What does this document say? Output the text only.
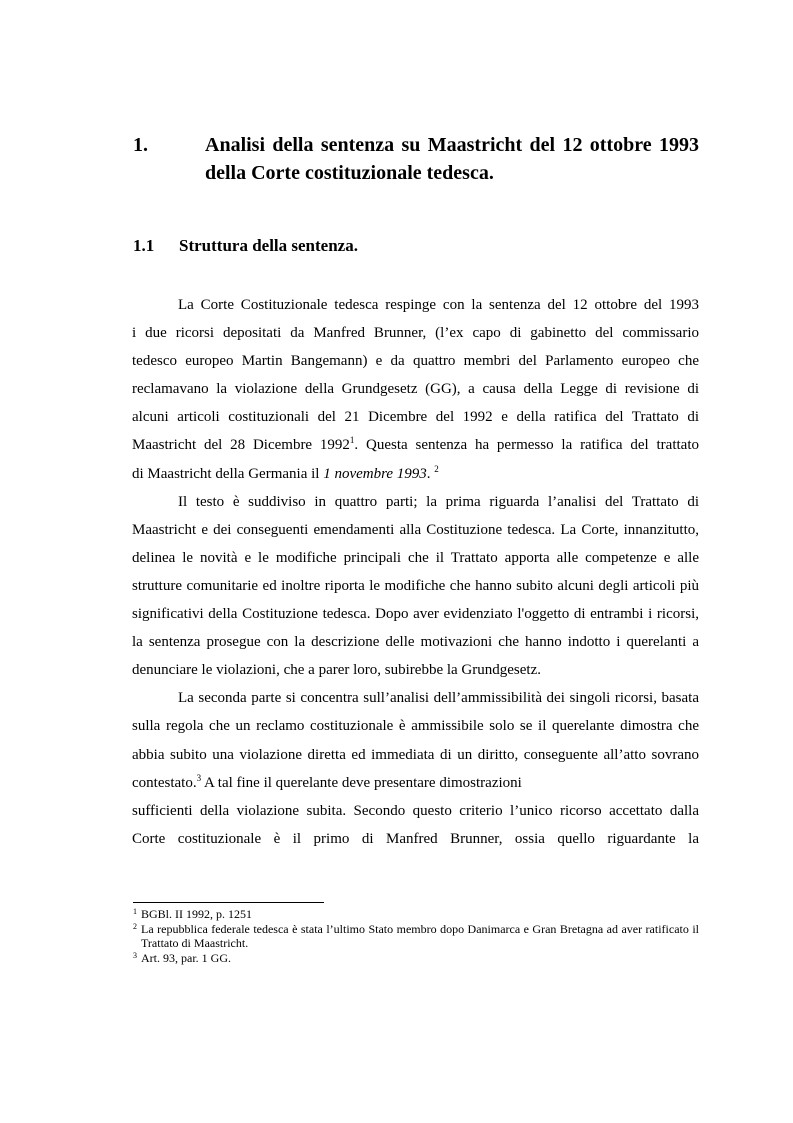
1.	Analisi della sentenza su Maastricht del 12 ottobre 1993 della Corte costituzionale tedesca.
1.1 Struttura della sentenza.

La Corte Costituzionale tedesca respinge con la sentenza del 12 ottobre del 1993
i due ricorsi depositati da Manfred Brunner, (l’ex capo di gabinetto del commissario
tedesco europeo Martin Bangemann) e da quattro membri del Parlamento europeo che
reclamavano la violazione della Grundgesetz (GG), a causa della Legge di revisione di
alcuni articoli costituzionali del 21 Dicembre del 1992 e della ratifica del Trattato di
Maastricht del 28 Dicembre 1992$^1$. Questa sentenza ha permesso la ratifica del trattato
di Maastricht della Germania il 1 novembre 1993. $^2$

Il testo è suddiviso in quattro parti; la prima riguarda l’analisi del Trattato di Maastricht e dei conseguenti emendamenti alla Costituzione tedesca. La Corte, innanzitutto, delinea le novità e le modifiche principali che il Trattato apporta alle competenze e alle strutture comunitarie ed inoltre riporta le modifiche che hanno subito alcuni degli articoli più significativi della Costituzione tedesca. Dopo aver evidenziato l'oggetto di entrambi i ricorsi, la sentenza prosegue con la descrizione delle motivazioni che hanno indotto i querelanti a denunciare le violazioni, che a parer loro, subirebbe la Grundgesetz.

La seconda parte si concentra sull’analisi dell’ammissibilità dei singoli ricorsi, basata sulla regola che un reclamo costituzionale è ammissibile solo se il querelante dimostra che abbia subito una violazione diretta ed immediata di un diritto, conseguente all’atto sovrano contestato.$^3$ A tal fine il querelante deve presentare dimostrazioni
sufficienti della violazione subita. Secondo questo criterio l’unico ricorso accettato dalla
Corte costituzionale è il primo di Manfred Brunner, ossia quello riguardante la

1 BGBl. II 1992, p. 1251
2 La repubblica federale tedesca è stata l’ultimo Stato membro dopo Danimarca e Gran Bretagna ad aver ratificato il Trattato di Maastricht.
3 Art. 93, par. 1 GG.
